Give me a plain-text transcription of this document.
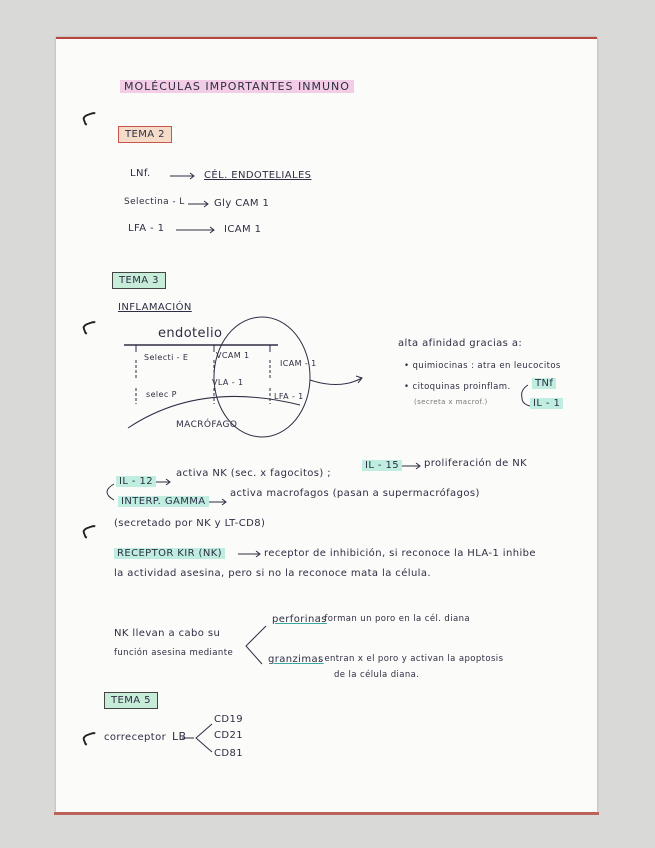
MOLÉCULAS IMPORTANTES INMUNO
TEMA 2
LNf.	CÉL. ENDOTELIALES
Selectina - L	Gly CAM 1
LFA - 1	ICAM 1
TEMA 3
INFLAMACIÓN
endotelio
Selecti - E	VCAM 1
ICAM - 1
selec P
VLA - 1
LFA - 1
MACRÓFAGO
alta afinidad gracias a:
• quimiocinas : atra en leucocitos
• citoquinas proinflam.
(secreta x macrof.)
TNf
IL - 1
IL - 12
activa NK (sec. x fagocitos) ;
IL - 15	proliferación de NK
INTERP. GAMMA
activa macrofagos (pasan a supermacrófagos)
(secretado por NK y LT-CD8)
RECEPTOR KIR (NK)	receptor de inhibición, si reconoce la HLA-1 inhibe
la actividad asesina, pero si no la reconoce mata la célula.
NK llevan a cabo su
función asesina mediante
perforinas
: forman un poro en la cél. diana
granzimas
: entran x el poro y activan la apoptosis
de la célula diana.
TEMA 5
correceptor LB
CD19
CD21
CD81
